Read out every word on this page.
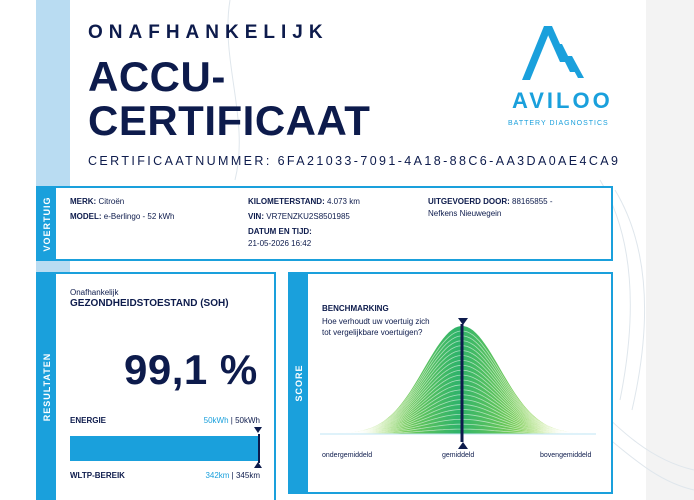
ONAFHANKELIJK
ACCU-
CERTIFICAAT
CERTIFICAATNUMMER: 6FA21033-7091-4A18-88C6-AA3DA0AE4CA9
AVILOO
BATTERY DIAGNOSTICS
VOERTUIG MERK: Citroën
MODEL: e-Berlingo - 52 kWh
KILOMETERSTAND: 4.073 km
VIN: VR7ENZKU2S8501985
DATUM EN TIJD:
21-05-2026 16:42
UITGEVOERD DOOR: 88165855 -
Nefkens Nieuwegein
RESULTATEN
Onafhankelijk
GEZONDHEIDSTOESTAND (SOH)
99,1 %
ENERGIE	50kWh | 50kWh
WLTP-BEREIK	342km | 345km
SCORE
BENCHMARKING
Hoe verhoudt uw voertuig zich tot vergelijkbare voertuigen?
ondergemiddeld	gemiddeld	bovengemiddeld
